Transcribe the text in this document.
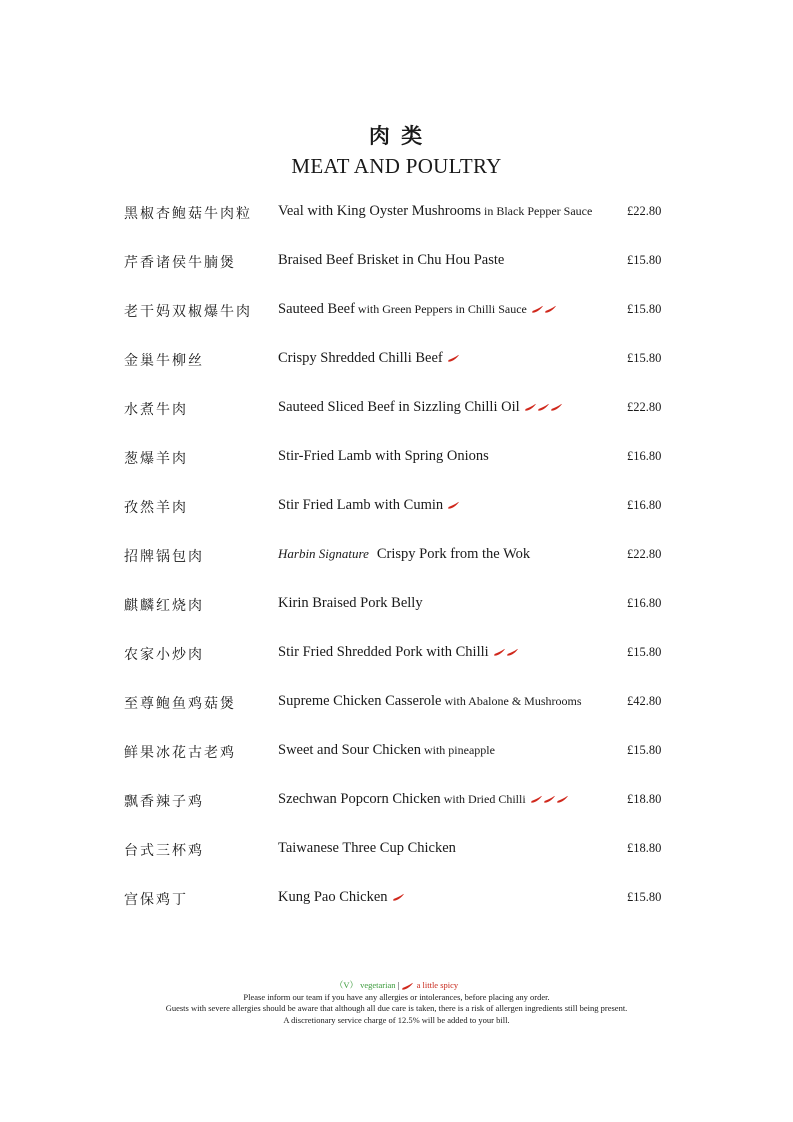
肉 类
MEAT AND POULTRY
黑椒杏鲍菇牛肉粒 Veal with King Oyster Mushrooms in Black Pepper Sauce	£22.80
芹香诸侯牛腩煲	Braised Beef Brisket in Chu Hou Paste	£15.80
老干妈双椒爆牛肉 Sauteed Beef with Green Peppers in Chilli Sauce	£15.80
金巢牛柳丝	Crispy Shredded Chilli Beef	£15.80
水煮牛肉	Sauteed Sliced Beef in Sizzling Chilli Oil	£22.80
葱爆羊肉	Stir-Fried Lamb with Spring Onions	£16.80
孜然羊肉	Stir Fried Lamb with Cumin	£16.80
招牌锅包肉	Harbin Signature Crispy Pork from the Wok	£22.80
麒麟红烧肉	Kirin Braised Pork Belly	£16.80
农家小炒肉	Stir Fried Shredded Pork with Chilli	£15.80
至尊鲍鱼鸡菇煲	Supreme Chicken Casserole with Abalone & Mushrooms	£42.80
鲜果冰花古老鸡	Sweet and Sour Chicken with pineapple	£15.80
飘香辣子鸡	Szechwan Popcorn Chicken with Dried Chilli	£18.80
台式三杯鸡	Taiwanese Three Cup Chicken	£18.80
宫保鸡丁	Kung Pao Chicken	£15.80
（V） vegetarian |  a little spicy
Please inform our team if you have any allergies or intolerances, before placing any order.
Guests with severe allergies should be aware that although all due care is taken, there is a risk of allergen ingredients still being present.
A discretionary service charge of 12.5% will be added to your bill.
